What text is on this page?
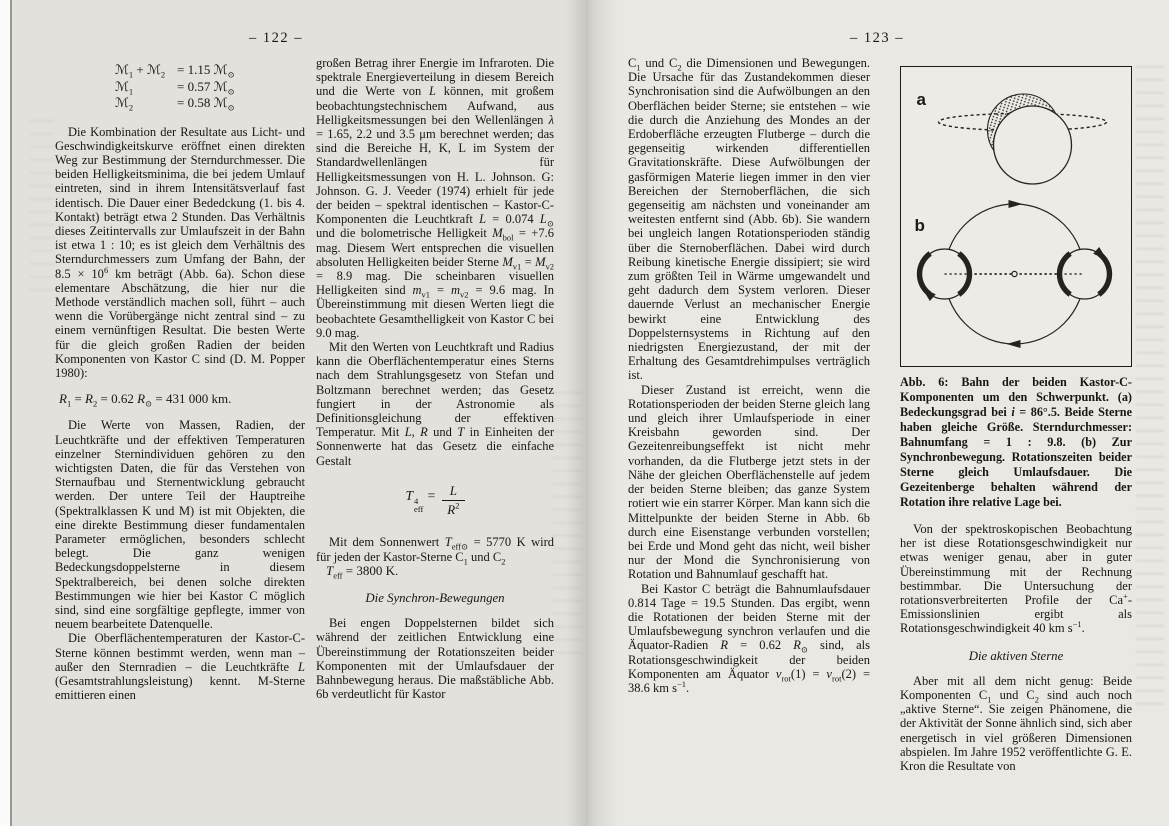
– 122 –	– 123 –
ℳ$_1$ + ℳ$_2$ = 1.15 ℳ$_⊙$
ℳ$_1$	= 0.57 ℳ$_⊙$
ℳ$_2$	= 0.58 ℳ$_⊙$

Die Kombination der Resultate aus Licht- und Geschwindigkeitskurve eröffnet einen direkten Weg zur Bestimmung der Sterndurchmesser. Die beiden Helligkeitsminima, die bei jedem Umlauf eintreten, sind in ihrem Intensitätsverlauf fast identisch. Die Dauer einer Bededckung (1. bis 4. Kontakt) beträgt etwa 2 Stunden. Das Verhältnis dieses Zeitintervalls zur Umlaufszeit in der Bahn ist etwa 1 : 10; es ist gleich dem Verhältnis des Sterndurchmessers zum Umfang der Bahn, der $8.5 \times 10^6$ km beträgt (Abb. 6a). Schon diese elementare Abschätzung, die hier nur die Methode verständlich machen soll, führt – auch wenn die Vorübergänge nicht zentral sind – zu einem vernünftigen Resultat. Die besten Werte für die gleich großen Radien der beiden Komponenten von Kastor C sind (D. M. Popper 1980):

$R_1 = R_2 = 0.62$ $R_⊙ = 431$ 000 km.

Die Werte von Massen, Radien, der Leuchtkräfte und der effektiven Temperaturen einzelner Sternindividuen gehören zu den wichtigsten Daten, die für das Verstehen von Sternaufbau und Sternentwicklung gebraucht werden. Der untere Teil der Hauptreihe (Spektralklassen K und M) ist mit Objekten, die eine direkte Bestimmung dieser fundamentalen Parameter ermöglichen, besonders schlecht belegt. Die ganz wenigen Bedeckungsdoppelsterne in diesem Spektralbereich, bei denen solche direkten Bestimmungen wie hier bei Kastor C möglich sind, sind eine sorgfältige gepflegte, immer von neuem bearbeitete Datenquelle.

Die Oberflächentemperaturen der Kastor-C-Sterne können bestimmt werden, wenn man – außer den Sternradien – die Leuchtkräfte L (Gesamtstrahlungsleistung) kennt. M-Sterne emittieren einen

großen Betrag ihrer Energie im Infraroten. Die spektrale Energieverteilung in diesem Bereich und die Werte von L können, mit großem beobachtungstechnischem Aufwand, aus Helligkeitsmessungen bei den Wellenlängen λ = 1.65, 2.2 und 3.5 μm berechnet werden; das sind die Bereiche H, K, L im System der Standardwellenlängen für Helligkeitsmessungen von H. L. Johnson. G: Johnson. G. J. Veeder (1974) erhielt für jede der beiden – spektral identischen – Kastor-C-Komponenten die Leuchtkraft L = 0.074 $L_⊙$ und die bolometrische Helligkeit $M_{bol} = +7.6$ mag. Diesem Wert entsprechen die visuellen absoluten Helligkeiten beider Sterne $M_{v1} = M_{v2} = 8.9$ mag. Die scheinbaren visuellen Helligkeiten sind $m_{v1} = m_{v2} = 9.6$ mag. In Übereinstimmung mit diesen Werten liegt die beobachtete Gesamthelligkeit von Kastor C bei 9.0 mag.

Mit den Werten von Leuchtkraft und Radius kann die Oberflächentemperatur eines Sterns nach dem Strahlungsgesetz von Stefan und Boltzmann berechnet werden; das Gesetz fungiert in der Astronomie als Definitionsgleichung der effektiven Temperatur. Mit L, R und T in Einheiten der Sonnenwerte hat das Gesetz die einfache Gestalt

T 4
eff
= $\frac{L}{R^2}$

Mit dem Sonnenwert $T_{eff⊙} = 5770$ K wird für jeden der Kastor-Sterne $C_1$ und $C_2$

$T_{eff} = 3800$ K.
Die Synchron-Bewegungen

Bei engen Doppelsternen bildet sich während der zeitlichen Entwicklung eine Übereinstimmung der Rotationszeiten beider Komponenten mit der Umlaufsdauer der Bahnbewegung heraus. Die maßstäbliche Abb. 6b verdeutlicht für Kastor

$C_1$ und $C_2$ die Dimensionen und Bewegungen. Die Ursache für das Zustandekommen dieser Synchronisation sind die Aufwölbungen an den Oberflächen beider Sterne; sie entstehen – wie die durch die Anziehung des Mondes an der Erdoberfläche erzeugten Flutberge – durch die gegenseitig wirkenden differentiellen Gravitationskräfte. Diese Aufwölbungen der gasförmigen Materie liegen immer in den vier Bereichen der Sternoberflächen, die sich gegenseitig am nächsten und voneinander am weitesten entfernt sind (Abb. 6b). Sie wandern bei ungleich langen Rotationsperioden ständig über die Sternoberflächen. Dabei wird durch Reibung kinetische Energie dissipiert; sie wird zum größten Teil in Wärme umgewandelt und geht dadurch dem System verloren. Dieser dauernde Verlust an mechanischer Energie bewirkt eine Entwicklung des Doppelsternsystems in Richtung auf den niedrigsten Energiezustand, der mit der Erhaltung des Gesamtdrehimpulses verträglich ist.

Dieser Zustand ist erreicht, wenn die Rotationsperioden der beiden Sterne gleich lang und gleich ihrer Umlaufsperiode in einer Kreisbahn geworden sind. Der Gezeitenreibungseffekt ist nicht mehr vorhanden, da die Flutberge jetzt stets in der Nähe der gleichen Oberflächenstelle auf jedem der beiden Sterne bleiben; das ganze System rotiert wie ein starrer Körper. Man kann sich die Mittelpunkte der beiden Sterne in Abb. 6b durch eine Eisenstange verbunden vorstellen; bei Erde und Mond geht das nicht, weil bisher nur der Mond die Synchronisierung von Rotation und Bahnumlauf geschafft hat.

Bei Kastor C beträgt die Bahnumlaufsdauer 0.814 Tage = 19.5 Stunden. Das ergibt, wenn die Rotationen der beiden Sterne mit der Umlaufsbewegung synchron verlaufen und die Äquator-Radien R = 0.62 $R_⊙$ sind, als Rotationsgeschwindigkeit der beiden Komponenten am Äquator $v_{rot}(1) = v_{rot}(2) = 38.6$ km $s^{-1}$.

a
b

Abb. 6: Bahn der beiden Kastor-C-Komponenten um den Schwerpunkt. (a) Bedeckungsgrad bei i = 86°.5. Beide Sterne haben gleiche Größe. Sterndurchmesser: Bahnumfang = 1 : 9.8. (b) Zur Synchronbewegung. Rotationszeiten beider Sterne gleich Umlaufsdauer. Die Gezeitenberge behalten während der Rotation ihre relative Lage bei.

Von der spektroskopischen Beobachtung her ist diese Rotationsgeschwindigkeit nur etwas weniger genau, aber in guter Übereinstimmung mit der Rechnung bestimmbar. Die Untersuchung der rotationsverbreiterten Profile der Ca+-Emissionslinien ergibt als Rotationsgeschwindigkeit 40 km $s^{-1}$.

Die aktiven Sterne

Aber mit all dem nicht genug: Beide Komponenten $C_1$ und $C_2$ sind auch noch „aktive Sterne“. Sie zeigen Phänomene, die der Aktivität der Sonne ähnlich sind, sich aber energetisch in viel größeren Dimensionen abspielen. Im Jahre 1952 veröffentlichte G. E. Kron die Resultate von
